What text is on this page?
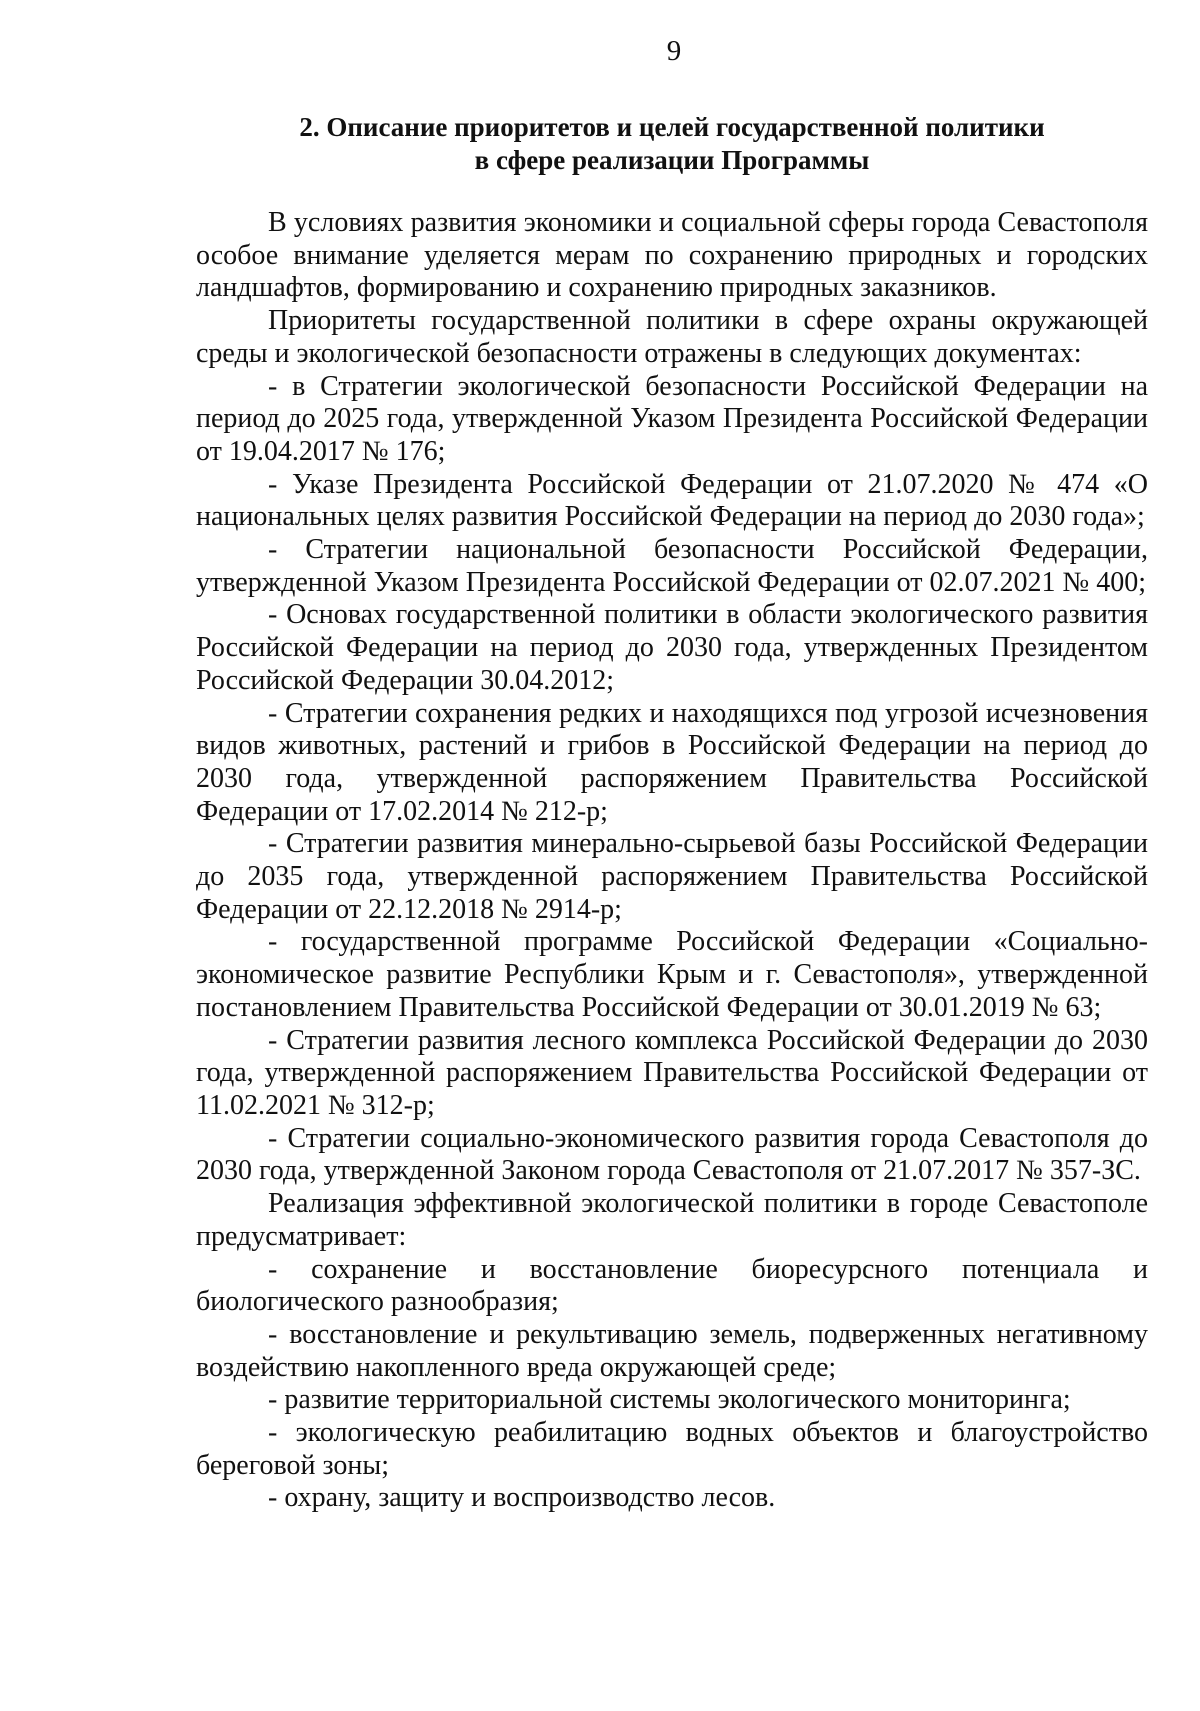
9
2. Описание приоритетов и целей государственной политики
в сфере реализации Программы

В условиях развития экономики и социальной сферы города Севастополя особое внимание уделяется мерам по сохранению природных и городских ландшафтов, формированию и сохранению природных заказников.

Приоритеты государственной политики в сфере охраны окружающей среды и экологической безопасности отражены в следующих документах:

- в Стратегии экологической безопасности Российской Федерации на период до 2025 года, утвержденной Указом Президента Российской Федерации от 19.04.2017 № 176;

- Указе Президента Российской Федерации от 21.07.2020 № 474 «О национальных целях развития Российской Федерации на период до 2030 года»;

- Стратегии национальной безопасности Российской Федерации, утвержденной Указом Президента Российской Федерации от 02.07.2021 № 400;

- Основах государственной политики в области экологического развития Российской Федерации на период до 2030 года, утвержденных Президентом Российской Федерации 30.04.2012;

- Стратегии сохранения редких и находящихся под угрозой исчезновения видов животных, растений и грибов в Российской Федерации на период до 2030 года, утвержденной распоряжением Правительства Российской Федерации от 17.02.2014 № 212-р;

- Стратегии развития минерально-сырьевой базы Российской Федерации до 2035 года, утвержденной распоряжением Правительства Российской Федерации от 22.12.2018 № 2914-р;

- государственной программе Российской Федерации «Социально-экономическое развитие Республики Крым и г. Севастополя», утвержденной постановлением Правительства Российской Федерации от 30.01.2019 № 63;

- Стратегии развития лесного комплекса Российской Федерации до 2030 года, утвержденной распоряжением Правительства Российской Федерации от 11.02.2021 № 312-р;

- Стратегии социально-экономического развития города Севастополя до 2030 года, утвержденной Законом города Севастополя от 21.07.2017 № 357-ЗС.

Реализация эффективной экологической политики в городе Севастополе предусматривает:

- сохранение и восстановление биоресурсного потенциала и биологического разнообразия;

- восстановление и рекультивацию земель, подверженных негативному воздействию накопленного вреда окружающей среде;

- развитие территориальной системы экологического мониторинга;

- экологическую реабилитацию водных объектов и благоустройство береговой зоны;

- охрану, защиту и воспроизводство лесов.
